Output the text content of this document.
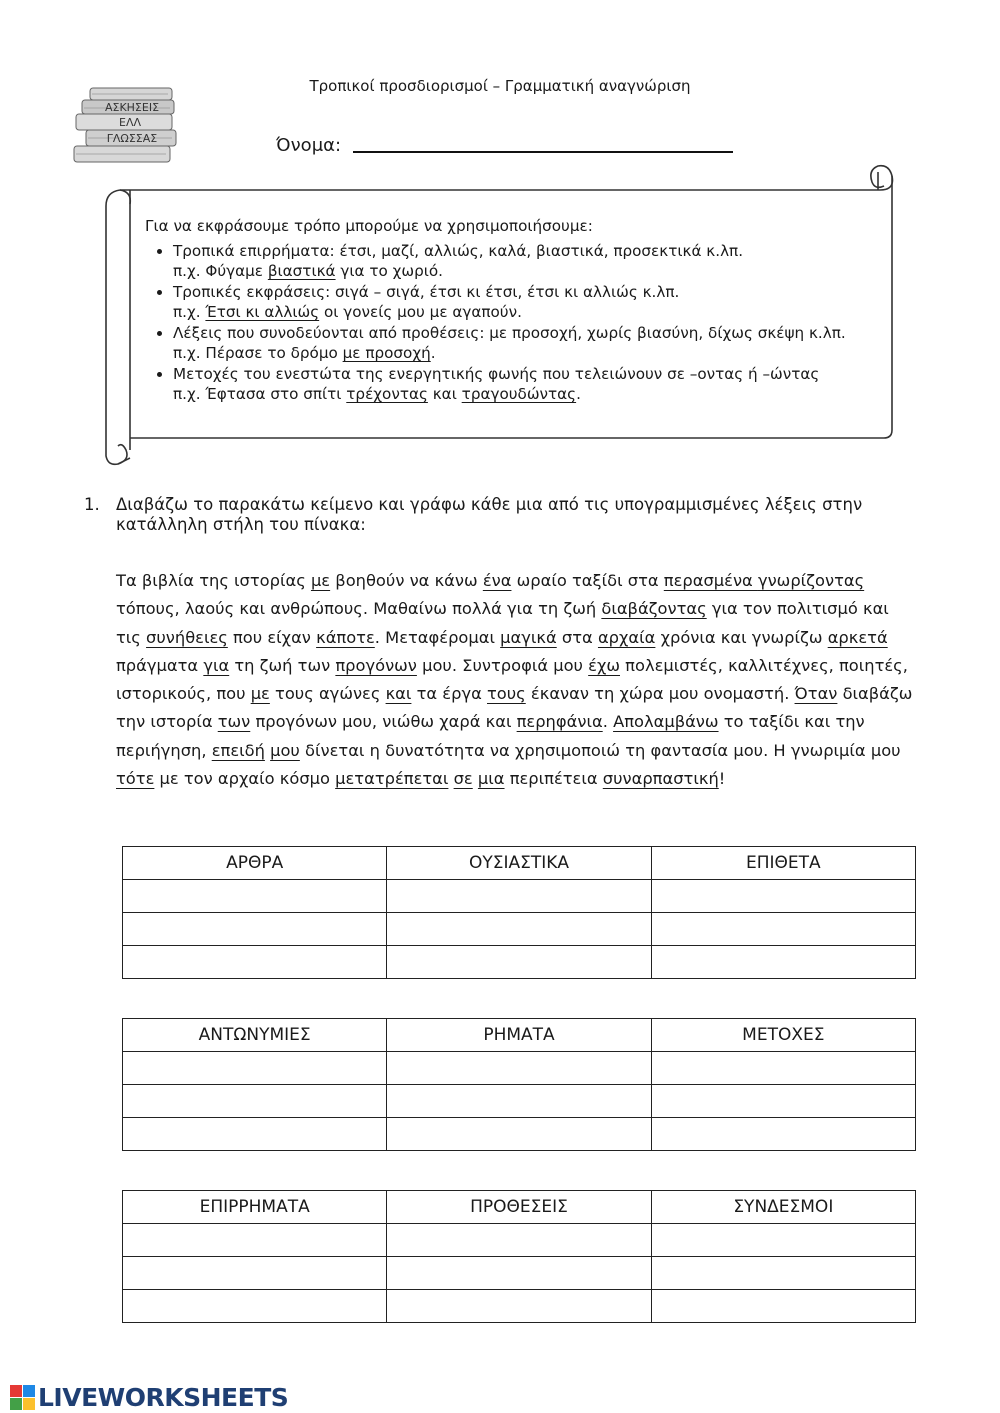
Τροπικοί προσδιορισμοί – Γραμματική αναγνώριση
ΑΣΚΗΣΕΙΣ
ΕΛΛ
ΓΛΩΣΣΑΣ	Όνομα:

Για να εκφράσουμε τρόπο μπορούμε να χρησιμοποιήσουμε:

• Τροπικά επιρρήματα: έτσι, μαζί, αλλιώς, καλά, βιαστικά, προσεκτικά κ.λπ.
π.χ. Φύγαμε βιαστικά για το χωριό.
• Τροπικές εκφράσεις: σιγά – σιγά, έτσι κι έτσι, έτσι κι αλλιώς κ.λπ.
π.χ. Έτσι κι αλλιώς οι γονείς μου με αγαπούν.
• Λέξεις που συνοδεύονται από προθέσεις: με προσοχή, χωρίς βιασύνη, δίχως σκέψη κ.λπ.
π.χ. Πέρασε το δρόμο με προσοχή.
• Μετοχές του ενεστώτα της ενεργητικής φωνής που τελειώνουν σε –οντας ή –ώντας
π.χ. Έφτασα στο σπίτι τρέχοντας και τραγουδώντας.
1. Διαβάζω το παρακάτω κείμενο και γράφω κάθε μια από τις υπογραμμισμένες λέξεις στην κατάλληλη στήλη του πίνακα:
Τα βιβλία της ιστορίας με βοηθούν να κάνω ένα ωραίο ταξίδι στα περασμένα γνωρίζοντας τόπους, λαούς και ανθρώπους. Μαθαίνω πολλά για τη ζωή διαβάζοντας για τον πολιτισμό και τις συνήθειες που είχαν κάποτε. Μεταφέρομαι μαγικά στα αρχαία χρόνια και γνωρίζω αρκετά πράγματα για τη ζωή των προγόνων μου. Συντροφιά μου έχω πολεμιστές, καλλιτέχνες, ποιητές, ιστορικούς, που με τους αγώνες και τα έργα τους έκαναν τη χώρα μου ονομαστή. Όταν διαβάζω την ιστορία των προγόνων μου, νιώθω χαρά και περηφάνια. Απολαμβάνω το ταξίδι και την περιήγηση, επειδή μου δίνεται η δυνατότητα να χρησιμοποιώ τη φαντασία μου. Η γνωριμία μου τότε με τον αρχαίο κόσμο μετατρέπεται σε μια περιπέτεια συναρπαστική!
ΑΡΘΡΑ	ΟΥΣΙΑΣΤΙΚΑ	ΕΠΙΘΕΤΑ

ΑΝΤΩΝΥΜΙΕΣ	ΡΗΜΑΤΑ	ΜΕΤΟΧΕΣ

ΕΠΙΡΡΗΜΑΤΑ	ΠΡΟΘΕΣΕΙΣ	ΣΥΝΔΕΣΜΟΙ

LIVEWORKSHEETS
